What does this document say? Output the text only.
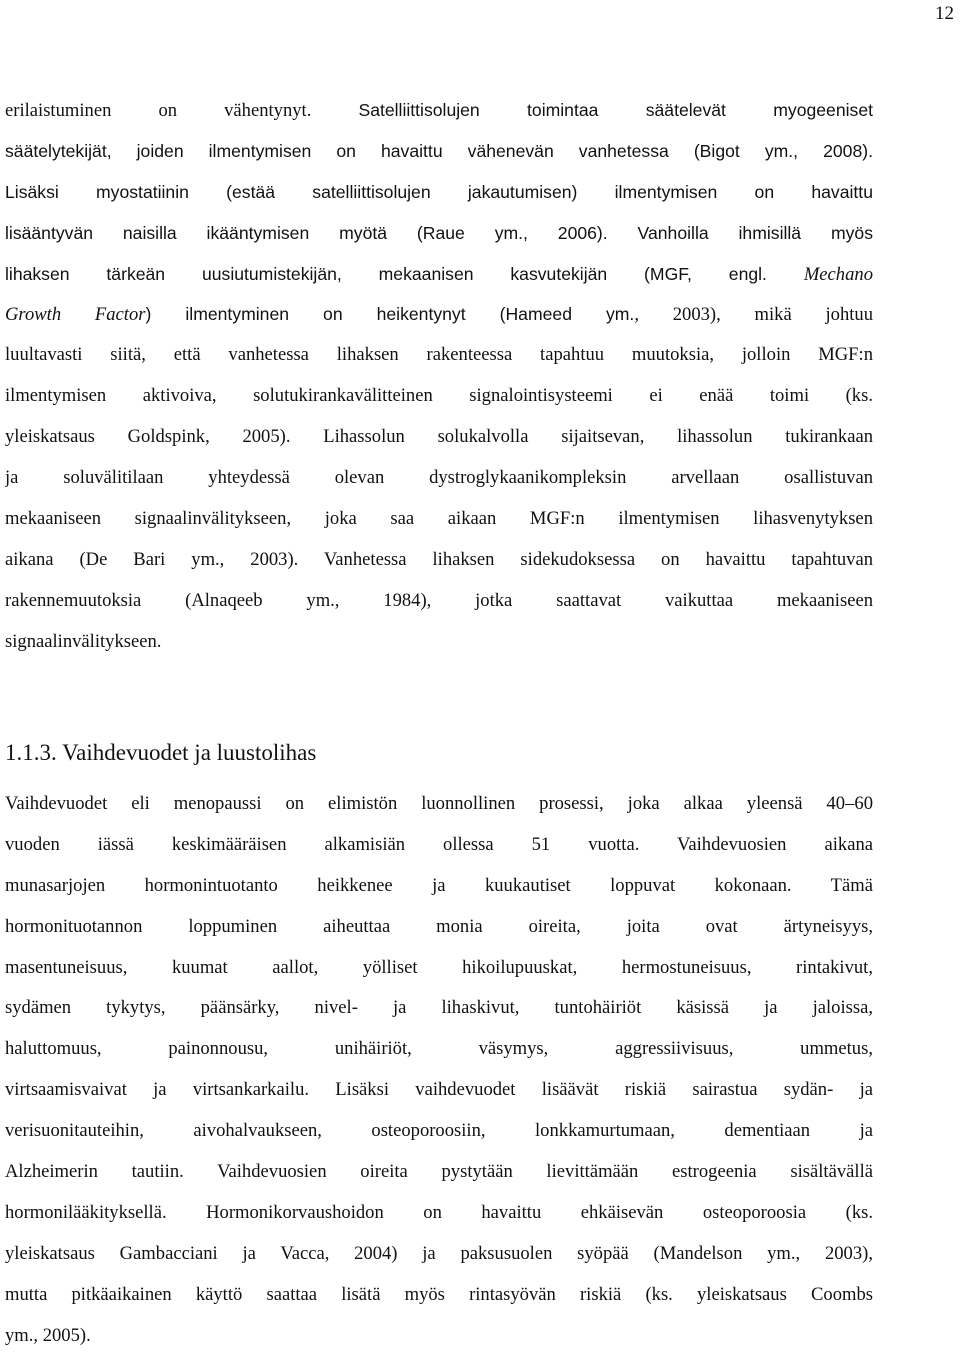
12
erilaistuminen on vähentynyt. Satelliittisolujen toimintaa säätelevät myogeeniset
säätelytekijät, joiden ilmentymisen on havaittu vähenevän vanhetessa (Bigot ym., 2008).
Lisäksi myostatiinin (estää satelliittisolujen jakautumisen) ilmentymisen on havaittu
lisääntyvän naisilla ikääntymisen myötä (Raue ym., 2006). Vanhoilla ihmisillä myös
lihaksen tärkeän uusiutumistekijän, mekaanisen kasvutekijän (MGF, engl. Mechano
Growth Factor) ilmentyminen on heikentynyt (Hameed ym., 2003), mikä johtuu
luultavasti siitä, että vanhetessa lihaksen rakenteessa tapahtuu muutoksia, jolloin MGF:n
ilmentymisen aktivoiva, solutukirankavälitteinen signalointisysteemi ei enää toimi (ks.
yleiskatsaus Goldspink, 2005). Lihassolun solukalvolla sijaitsevan, lihassolun tukirankaan
ja soluvälitilaan yhteydessä olevan dystroglykaanikompleksin arvellaan osallistuvan
mekaaniseen signaalinvälitykseen, joka saa aikaan MGF:n ilmentymisen lihasvenytyksen
aikana (De Bari ym., 2003). Vanhetessa lihaksen sidekudoksessa on havaittu tapahtuvan
rakennemuutoksia (Alnaqeeb ym., 1984), jotka saattavat vaikuttaa mekaaniseen
signaalinvälitykseen.
1.1.3. Vaihdevuodet ja luustolihas
Vaihdevuodet eli menopaussi on elimistön luonnollinen prosessi, joka alkaa yleensä 40–60
vuoden iässä keskimääräisen alkamisiän ollessa 51 vuotta. Vaihdevuosien aikana
munasarjojen hormonintuotanto heikkenee ja kuukautiset loppuvat kokonaan. Tämä
hormonituotannon loppuminen aiheuttaa monia oireita, joita ovat ärtyneisyys,
masentuneisuus, kuumat aallot, yölliset hikoilupuuskat, hermostuneisuus, rintakivut,
sydämen tykytys, päänsärky, nivel- ja lihaskivut, tuntohäiriöt käsissä ja jaloissa,
haluttomuus, painonnousu, unihäiriöt, väsymys, aggressiivisuus, ummetus,
virtsaamisvaivat ja virtsankarkailu. Lisäksi vaihdevuodet lisäävät riskiä sairastua sydän- ja
verisuonitauteihin, aivohalvaukseen, osteoporoosiin, lonkkamurtumaan, dementiaan ja
Alzheimerin tautiin. Vaihdevuosien oireita pystytään lievittämään estrogeenia sisältävällä
hormonilääkityksellä. Hormonikorvaushoidon on havaittu ehkäisevän osteoporoosia (ks.
yleiskatsaus Gambacciani ja Vacca, 2004) ja paksusuolen syöpää (Mandelson ym., 2003),
mutta pitkäaikainen käyttö saattaa lisätä myös rintasyövän riskiä (ks. yleiskatsaus Coombs
ym., 2005).
